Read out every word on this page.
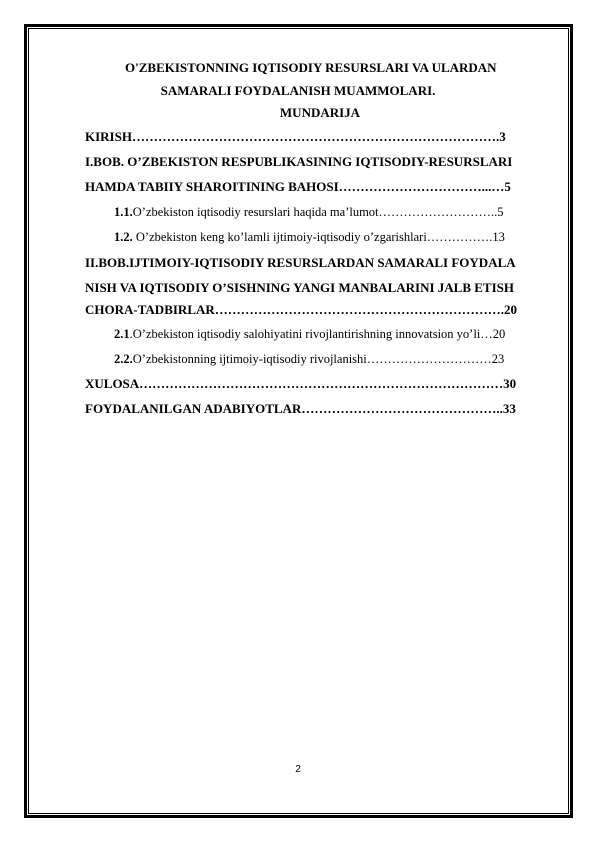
O'ZBEKISTONNING IQTISODIY RESURSLARI VA ULARDAN
SAMARALI FOYDALANISH MUAMMOLARI.
MUNDARIJA
KIRISH………………………………………………………………………….3
I.BOB. O’ZBEKISTON RESPUBLIKASINING IQTISODIY-RESURSLARI
HAMDA TABIIY SHAROITINING BAHOSI……………………………...…5
1.1.O’zbekiston iqtisodiy resurslari haqida ma’lumot………………………..5
1.2. O’zbekiston keng ko’lamli ijtimoiy-iqtisodiy o’zgarishlari…………….13
II.BOB.IJTIMOIY-IQTISODIY RESURSLARDAN SAMARALI FOYDALA
NISH VA IQTISODIY O’SISHNING YANGI MANBALARINI JALB ETISH
CHORA-TADBIRLAR………………………………………………………….20
2.1.O’zbekiston iqtisodiy salohiyatini rivojlantirishning innovatsion yo’li…20
2.2.O’zbekistonning ijtimoiy-iqtisodiy rivojlanishi…………………………23
XULOSA…………………………………………………………………………30
FOYDALANILGAN ADABIYOTLAR………………………………………..33
2
